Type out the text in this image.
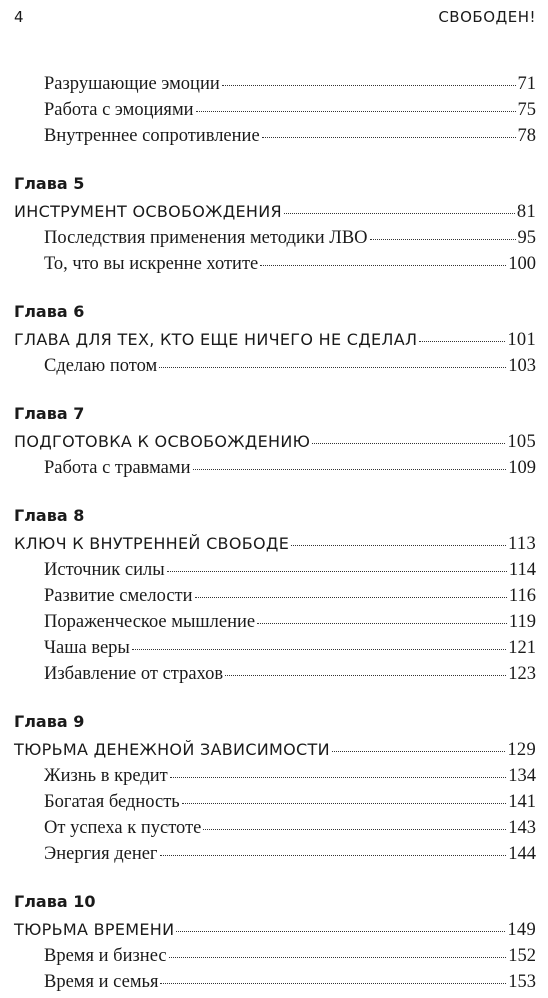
4	СВОБОДЕН!
Разрушающие эмоции	71
Работа с эмоциями	75
Внутреннее сопротивление	78
Глава 5
ИНСТРУМЕНТ ОСВОБОЖДЕНИЯ	81
Последствия применения методики ЛВО	95
То, что вы искренне хотите	100
Глава 6
ГЛАВА ДЛЯ ТЕХ, КТО ЕЩЕ НИЧЕГО НЕ СДЕЛАЛ	101
Сделаю потом	103
Глава 7
ПОДГОТОВКА К ОСВОБОЖДЕНИЮ	105
Работа с травмами	109
Глава 8
КЛЮЧ К ВНУТРЕННЕЙ СВОБОДЕ	113
Источник силы	114
Развитие смелости	116
Пораженческое мышление	119
Чаша веры	121
Избавление от страхов	123
Глава 9
ТЮРЬМА ДЕНЕЖНОЙ ЗАВИСИМОСТИ	129
Жизнь в кредит	134
Богатая бедность	141
От успеха к пустоте	143
Энергия денег	144
Глава 10
ТЮРЬМА ВРЕМЕНИ	149
Время и бизнес	152
Время и семья	153
